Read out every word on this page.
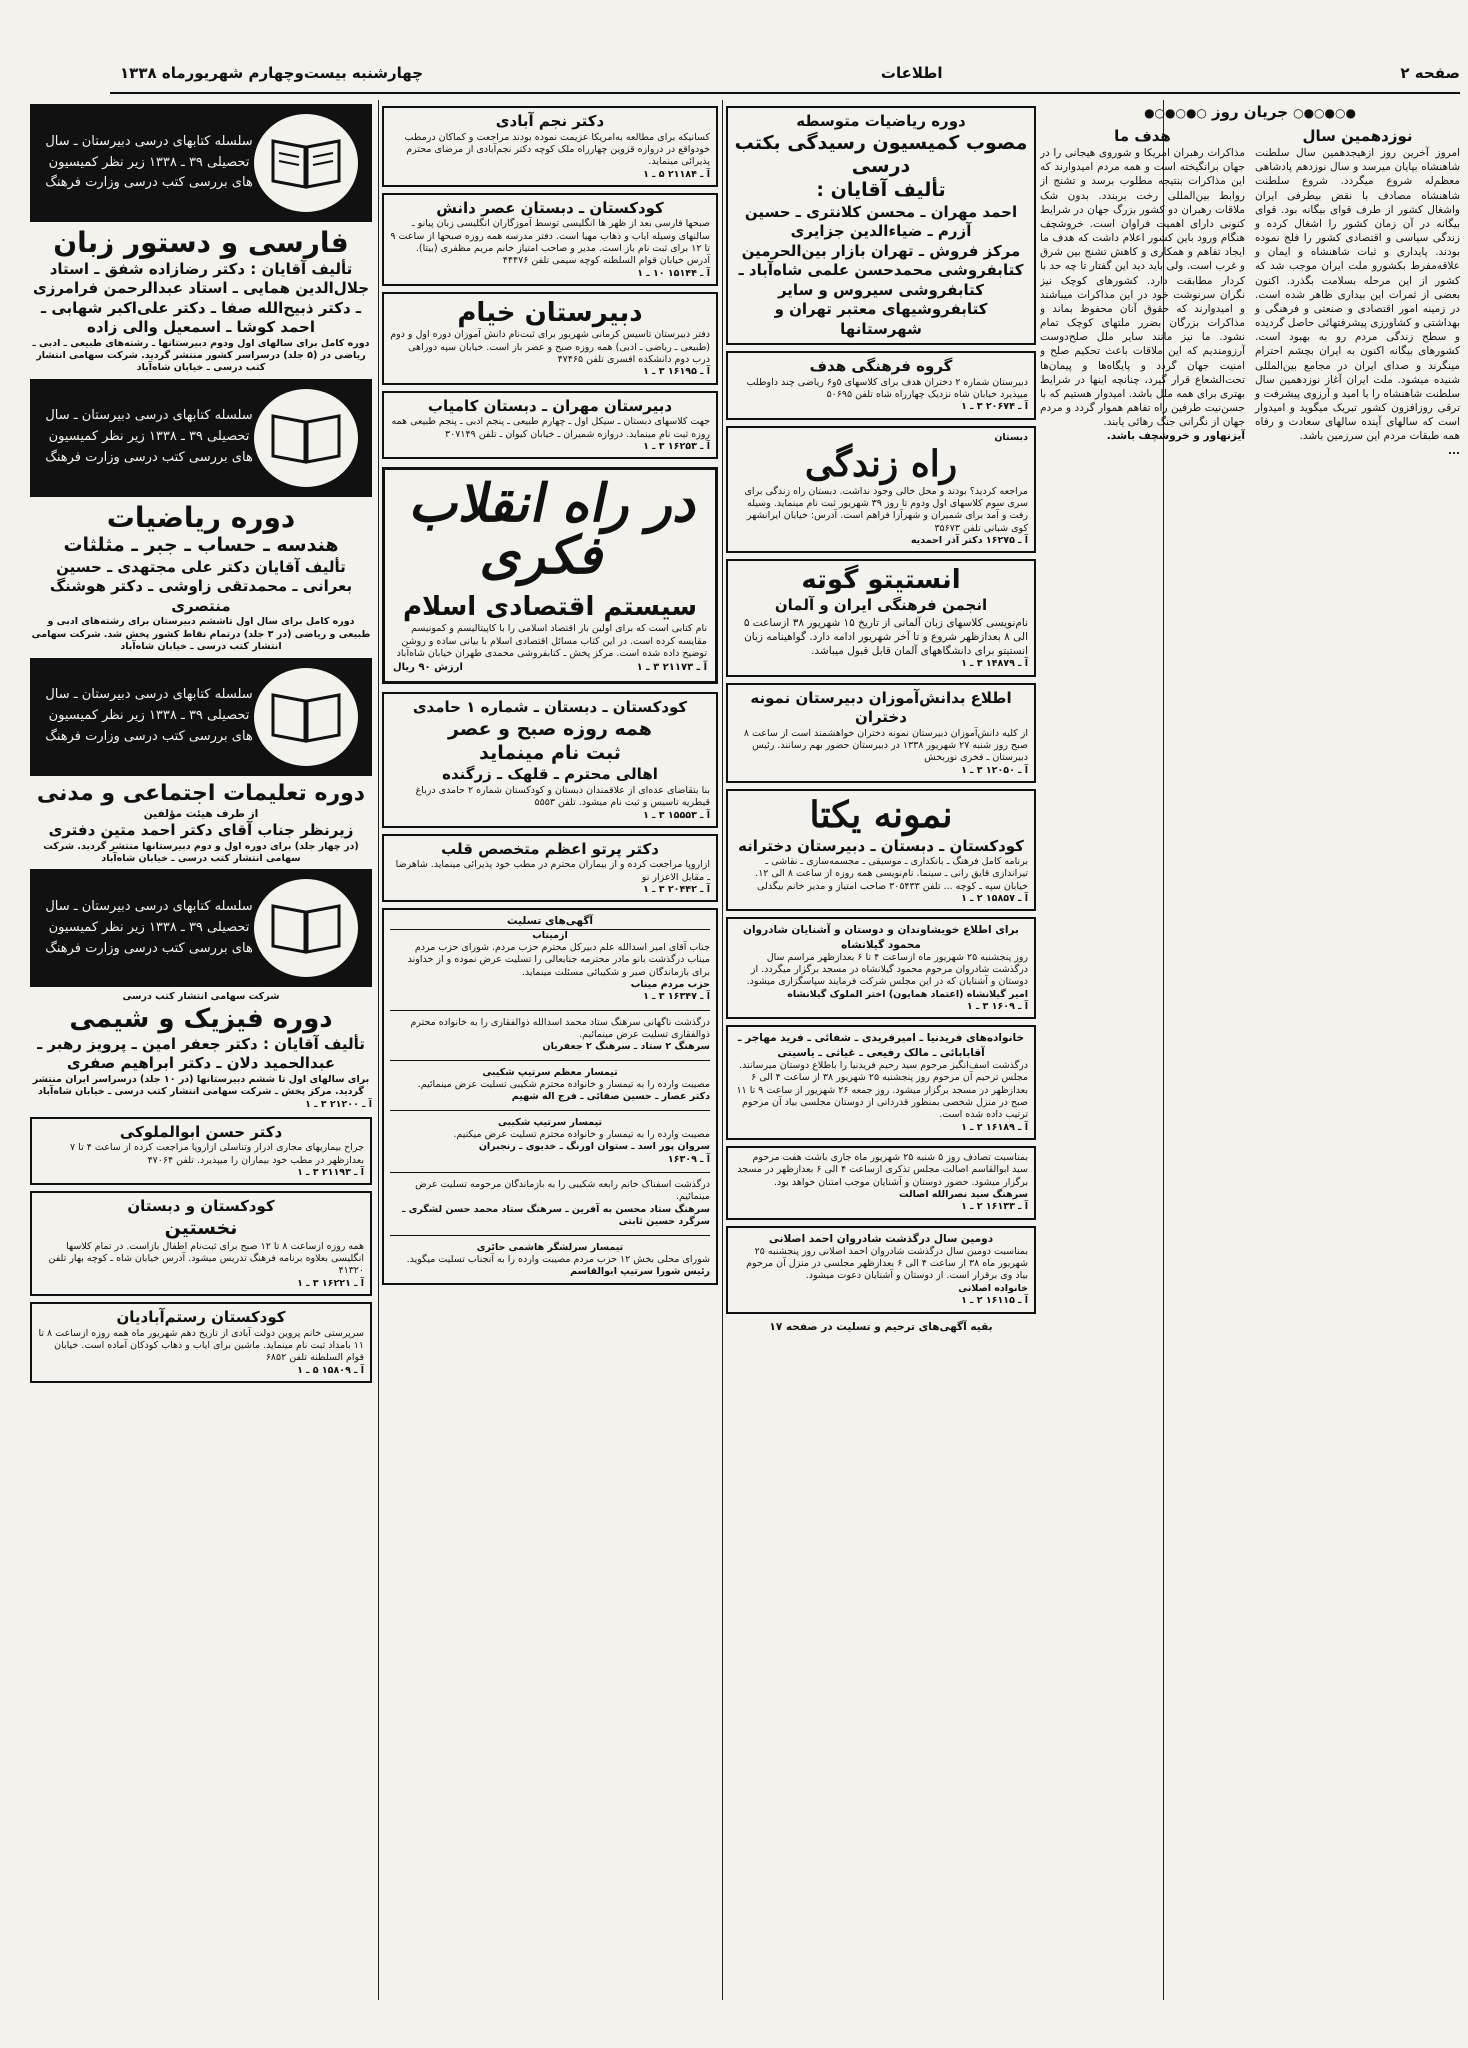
صفحه ۲
اطلاعات
چهارشنبه بیست‌وچهارم شهریورماه ۱۳۳۸
●○●○●○ جریان روز ○●○●○●
نوزدهمین سال
امروز آخرین روز ازهیجدهمین سال سلطنت شاهنشاه بپایان میرسد و سال نوزدهم پادشاهی معظم‌له شروع میگردد. شروع سلطنت شاهنشاه مصادف با نقض بیطرفی ایران واشغال کشور از طرف قوای بیگانه بود. قوای بیگانه در آن زمان کشور را اشغال کرده و زندگی سیاسی و اقتصادی کشور را فلج نموده بودند. پایداری و ثبات شاهنشاه و ایمان و علاقه‌مفرط بکشورو ملت ایران موجب شد که کشور از این مرحله بسلامت بگذرد. اکنون بعضی از ثمرات این بیداری ظاهر شده است. در زمینه امور اقتصادی و صنعتی و فرهنگی و بهداشتی و کشاورزی پیشرفتهائی حاصل گردیده و سطح زندگی مردم رو به بهبود است. کشورهای بیگانه اکنون به ایران بچشم احترام مینگرند و صدای ایران در مجامع بین‌المللی شنیده میشود. ملت ایران آغاز نوزدهمین سال سلطنت شاهنشاه را با امید و آرزوی پیشرفت و ترقی روزافزون کشور تبریک میگوید و امیدوار است که سالهای آینده سالهای سعادت و رفاه همه طبقات مردم این سرزمین باشد.
...
هدف ما
مذاکرات رهبران امریکا و شوروی هیجانی را در جهان برانگیخته است و همه مردم امیدوارند که این مذاکرات بنتیجه مطلوب برسد و تشنج از روابط بین‌المللی رخت بربندد. بدون شک ملاقات رهبران دو کشور بزرگ جهان در شرایط کنونی دارای اهمیت فراوان است. خروشچف هنگام ورود باین کشور اعلام داشت که هدف ما ایجاد تفاهم و همکاری و کاهش تشنج بین شرق و غرب است. ولی باید دید این گفتار تا چه حد با کردار مطابقت دارد. کشورهای کوچک نیز نگران سرنوشت خود در این مذاکرات میباشند و امیدوارند که حقوق آنان محفوظ بماند و مذاکرات بزرگان بضرر ملتهای کوچک تمام نشود. ما نیز مانند سایر ملل صلح‌دوست آرزومندیم که این ملاقات باعث تحکیم صلح و امنیت جهان گردد و پایگاه‌ها و پیمان‌ها تحت‌الشعاع قرار گیرد، چنانچه اینها در شرایط بهتری برای همه ملل باشد. امیدوار هستیم که با حسن‌نیت طرفین راه تفاهم هموار گردد و مردم جهان از نگرانی جنگ رهائی یابند.
آیزنهاور و خروشچف باشد.
دوره ریاضیات متوسطه
مصوب کمیسیون رسیدگی بکتب درسی
تألیف آقایان :
احمد مهران ـ محسن کلانتری ـ حسین آزرم ـ ضیاءالدین جزایری
مرکز فروش ـ تهران بازار بین‌الحرمین کتابفروشی محمدحسن علمی شاه‌آباد ـ کتابفروشی سیروس و سایر کتابفروشیهای معتبر تهران و شهرستانها
گروه فرهنگی هدف
دبیرستان شماره ۲ دختران هدف برای کلاسهای ۵و۶ ریاضی چند داوطلب میپذیرد خیابان شاه نزدیک چهارراه شاه تلفن ۵۰۶۹۵
آ ـ ۲۰۶۷۴ ۳ ـ ۱
دبستان
راه زندگی
مراجعه کردید؟ بودند و محل خالی وجود نداشت. دبستان راه زندگی برای سری سوم کلاسهای اول ودوم تا روز ۳۹ شهریور ثبت نام مینماید. وسیله رفت و آمد برای شمیران و شهرآرا فراهم است. آدرس: خیابان ایرانشهر کوی شبانی تلفن ۳۵۶۷۳
آ ـ ۱۶۲۷۵ دکتر آذر احمدیه
انستیتو گوته
انجمن فرهنگی ایران و آلمان
نام‌نویسی کلاسهای زبان آلمانی از تاریخ ۱۵ شهریور ۳۸ ازساعت ۵ الی ۸ بعدازظهر شروع و تا آخر شهریور ادامه دارد. گواهینامه زبان انستیتو برای دانشگاههای آلمان قابل قبول میباشد.
آ ـ ۱۴۸۷۹ ۳ ـ ۱
اطلاع بدانش‌آموزان دبیرستان نمونه دختران
از کلیه دانش‌آموزان دبیرستان نمونه دختران خواهشمند است از ساعت ۸ صبح روز شنبه ۲۷ شهریور ۱۳۳۸ در دبیرستان حضور بهم رسانند. رئیس دبیرستان ـ فخری نوربخش
آ ـ ۱۲۰۵۰ ۳ ـ ۱
نمونه یکتا
کودکستان ـ دبستان ـ دبیرستان دخترانه
برنامه کامل فرهنگ ـ بانکداری ـ موسیقی ـ مجسمه‌سازی ـ نقاشی ـ تیراندازی قایق رانی ـ سینما. نام‌نویسی همه روزه از ساعت ۸ الی ۱۲. خیابان سپه ـ کوچه ... تلفن ۳۰۵۴۳۳ صاحب امتیاز و مدیر خانم بیگدلی
آ ـ ۱۵۸۵۷ ۲ ـ ۱
برای اطلاع خویشاوندان و دوستان و آشنایان شادروان محمود گیلانشاه
روز پنجشنبه ۲۵ شهریور ماه ازساعت ۴ تا ۶ بعدازظهر مراسم سال درگذشت شادروان مرحوم محمود گیلانشاه در مسجد برگزار میگردد. از دوستان و آشنایان که در این مجلس شرکت فرمایند سپاسگزاری میشود.
امیر گیلانشاه (اعتماد همایون) اختر الملوک گیلانشاه
آ ـ ۱۶۰۹ ۳ ـ ۱
خانواده‌های فریدنیا ـ امیرفریدی ـ شفائی ـ فرید مهاجر ـ آقابابائی ـ مالک رفیعی ـ غیاثی ـ یاسینی
درگذشت اسف‌انگیز مرحوم سید رحیم فریدنیا را باطلاع دوستان میرسانند. مجلس ترحیم آن مرحوم روز پنجشنبه ۲۵ شهریور ۳۸ از ساعت ۴ الی ۶ بعدازظهر در مسجد برگزار میشود. روز جمعه ۲۶ شهریور از ساعت ۹ تا ۱۱ صبح در منزل شخصی بمنظور قدردانی از دوستان مجلسی بیاد آن مرحوم ترتیب داده شده است.
آ ـ ۱۶۱۸۹ ۲ ـ ۱
بمناسبت تصادف روز ۵ شنبه ۲۵ شهریور ماه جاری باشت هفت مرحوم سید ابوالقاسم اصالت مجلس تذکری ازساعت ۴ الی ۶ بعدازظهر در مسجد برگزار میشود. حضور دوستان و آشنایان موجب امتنان خواهد بود.
سرهنگ سید نصرالله اصالت
آ ـ ۱۶۱۳۳ ۲ ـ ۱
دومین سال درگذشت شادروان احمد اصلانی
بمناسبت دومین سال درگذشت شادروان احمد اصلانی روز پنجشنبه ۲۵ شهریور ماه ۳۸ از ساعت ۴ الی ۶ بعدازظهر مجلسی در منزل آن مرحوم بیاد وی برقرار است. از دوستان و آشنایان دعوت میشود.
خانواده اصلانی
آ ـ ۱۶۱۱۵ ۲ ـ ۱
بقیه آگهی‌های ترحیم و تسلیت در صفحه ۱۷
دکتر نجم آبادی
کسانیکه برای مطالعه به‌امریکا عزیمت نموده بودند مراجعت و کماکان درمطب خودواقع در دروازه قزوین چهارراه ملک کوچه دکتر نجم‌آبادی از مرضای محترم پذیرائی مینماید.
آ ـ ۲۱۱۸۴ ۵ ـ ۱
کودکستان ـ دبستان عصر دانش
صبحها فارسی بعد از ظهر ها انگلیسی توسط آموزگاران انگلیسی زبان پیانو ـ سالنهای وسیله ایاب و ذهاب مهیا است. دفتر مدرسه همه روزه صبحها از ساعت ۹ تا ۱۲ برای ثبت نام باز است. مدیر و صاحب امتیاز خانم مریم مظفری (بیتا). آدرس خیابان قوام السلطنه کوچه سیمی تلفن ۴۴۴۷۶
آ ـ ۱۵۱۴۴ ۱۰ ـ ۱
دبیرستان خیام
دفتر دبیرستان تاسیس کرمانی شهریور برای ثبت‌نام دانش آموزان دوره اول و دوم (طبیعی ـ ریاضی ـ ادبی) همه روزه صبح و عصر باز است. خیابان سپه دوراهی درب دوم دانشکده افسری تلفن ۴۷۴۶۵
آ ـ ۱۶۱۹۵ ۳ ـ ۱
دبیرستان مهران ـ دبستان کامیاب
جهت کلاسهای دبستان ـ سیکل اول ـ چهارم طبیعی ـ پنجم ادبی ـ پنجم طبیعی همه روزه ثبت نام مینماید. دروازه شمیران ـ خیابان کیوان ـ تلفن ۳۰۷۱۴۹
آ ـ ۱۶۲۵۳ ۳ ـ ۱
در راه انقلاب فکری
سیستم اقتصادی اسلام
نام کتابی است که برای اولین بار اقتصاد اسلامی را با کاپیتالیسم و کمونیسم مقایسه کرده است. در این کتاب مسائل اقتصادی اسلام با بیانی ساده و روشن توضیح داده شده است. مرکز پخش ـ کتابفروشی محمدی طهران خیابان شاه‌آباد
آ ـ ۲۱۱۷۳ ۳ ـ ۱
ارزش ۹۰ ریال
کودکستان ـ دبستان ـ شماره ۱ حامدی
همه روزه صبح و عصر
ثبت نام مینماید
اهالی محترم ـ قلهک ـ زرگنده
بنا بتقاضای عده‌ای از علاقمندان دبستان و کودکستان شماره ۲ حامدی درباغ قیطریه تاسیس و ثبت نام میشود. تلفن ۵۵۵۳
آ ـ ۱۵۵۵۳ ۳ ـ ۱
دکتر پرتو اعظم متخصص قلب
ازاروپا مراجعت کرده و از بیماران محترم در مطب خود پذیرائی مینماید. شاهرضا ـ مقابل الاعزار نو
آ ـ ۲۰۴۴۲ ۳ ـ ۱
آگهی‌های تسلیت
ازمیناب
جناب آقای امیر اسدالله علم دبیرکل محترم حزب مردم. شورای حزب مردم میناب درگذشت بانو مادر محترمه جنابعالی را تسلیت عرض نموده و از خداوند برای بازماندگان صبر و شکیبائی مسئلت مینماید.
حزب مردم میناب
آ ـ ۱۶۳۴۷ ۳ ـ ۱
درگذشت ناگهانی سرهنگ ستاد محمد اسدالله ذوالفقاری را به خانواده محترم ذوالفقاری تسلیت عرض مینمائیم.
سرهنگ ۲ ستاد ـ سرهنگ ۲ جعفریان
تیمسار معظم سرتیپ شکیبی
مصیبت وارده را به تیمسار و خانواده محترم شکیبی تسلیت عرض مینمائیم.
دکتر عصار ـ حسین صفائی ـ فرج اله شهیم
تیمسار سرتیپ شکیبی
مصیبت وارده را به تیمسار و خانواده محترم تسلیت عرض میکنیم.
سروان پور اسد ـ ستوان اورنگ ـ خدیوی ـ رنجبران
آ ـ ۱۶۳۰۹
درگذشت اسفناک خانم رابعه شکیبی را به بازماندگان مرحومه تسلیت عرض مینمائیم.
سرهنگ ستاد محسن به آفرین ـ سرهنگ ستاد محمد حسن لشگری ـ سرگرد حسین ثابتی
تیمسار سرلشگر هاشمی حائری
شورای محلی بخش ۱۲ حزب مردم مصیبت وارده را به آنجناب تسلیت میگوید.
رئیس شورا سرتیپ ابوالقاسم
سلسله کتابهای درسی دبیرستان ـ سال تحصیلی ۳۹ ـ ۱۳۳۸ زیر نظر کمیسیون های بررسی کتب درسی وزارت فرهنگ
فارسی و دستور زبان
تألیف آقایان : دکتر رضازاده شفق ـ استاد جلال‌الدین همایی ـ استاد عبدالرحمن فرامرزی ـ دکتر ذبیح‌الله صفا ـ دکتر علی‌اکبر شهابی ـ احمد کوشا ـ اسمعیل والی زاده
دوره کامل برای سالهای اول ودوم دبیرستانها ـ رشته‌های طبیعی ـ ادبی ـ ریاضی در (۵ جلد) درسراسر کشور منتشر گردید. شرکت سهامی انتشار کتب درسی ـ خیابان شاه‌آباد
سلسله کتابهای درسی دبیرستان ـ سال تحصیلی ۳۹ ـ ۱۳۳۸ زیر نظر کمیسیون های بررسی کتب درسی وزارت فرهنگ
دوره ریاضیات
هندسه ـ حساب ـ جبر ـ مثلثات
تألیف آقایان دکتر علی مجتهدی ـ حسین بعرانی ـ محمدتقی زاوشی ـ دکتر هوشنگ منتصری
دوره کامل برای سال اول تاششم دبیرستان برای رشته‌های ادبی و طبیعی و ریاضی (در ۳ جلد) درتمام نقاط کشور پخش شد. شرکت سهامی انتشار کتب درسی ـ خیابان شاه‌آباد
سلسله کتابهای درسی دبیرستان ـ سال تحصیلی ۳۹ ـ ۱۳۳۸ زیر نظر کمیسیون های بررسی کتب درسی وزارت فرهنگ
دوره تعلیمات اجتماعی و مدنی
از طرف هیئت مؤلفین
زیرنظر جناب آقای دکتر احمد متین دفتری
(در چهار جلد) برای دوره اول و دوم دبیرستانها منتشر گردید. شرکت سهامی انتشار کتب درسی ـ خیابان شاه‌آباد
سلسله کتابهای درسی دبیرستان ـ سال تحصیلی ۳۹ ـ ۱۳۳۸ زیر نظر کمیسیون های بررسی کتب درسی وزارت فرهنگ
شرکت سهامی انتشار کتب درسی
دوره فیزیک و شیمی
تألیف آقایان : دکتر جعفر امین ـ پرویز رهبر ـ عبدالحمید دلان ـ دکتر ابراهیم صفری
برای سالهای اول تا ششم دبیرستانها (در ۱۰ جلد) درسراسر ایران منتشر گردید. مرکز پخش ـ شرکت سهامی انتشار کتب درسی ـ خیابان شاه‌آباد
آ ـ ۲۱۲۰۰ ۳ ـ ۱
دکتر حسن ابوالملوکی
جراح بیماریهای مجاری ادرار وتناسلی ازاروپا مراجعت کرده از ساعت ۴ تا ۷ بعدازظهر در مطب خود بیماران را میپذیرد. تلفن ۴۷۰۶۴
آ ـ ۲۱۱۹۳ ۳ ـ ۱
کودکستان و دبستان
نخستین
همه روزه ازساعت ۸ تا ۱۲ صبح برای ثبت‌نام اطفال بازاست. در تمام کلاسها انگلیسی بعلاوه برنامه فرهنگ تدریس میشود. آدرس خیابان شاه ـ کوچه بهار تلفن ۴۱۳۲۰
آ ـ ۱۶۲۲۱ ۳ ـ ۱
کودکستان رستم‌آبادیان
سرپرستی خانم پروین دولت آبادی از تاریخ دهم شهریور ماه همه روزه ازساعت ۸ تا ۱۱ بامداد ثبت نام مینماید. ماشین برای ایاب و ذهاب کودکان آماده است. خیابان قوام السلطنه تلفن ۶۸۵۲
آ ـ ۱۵۸۰۹ ۵ ـ ۱
